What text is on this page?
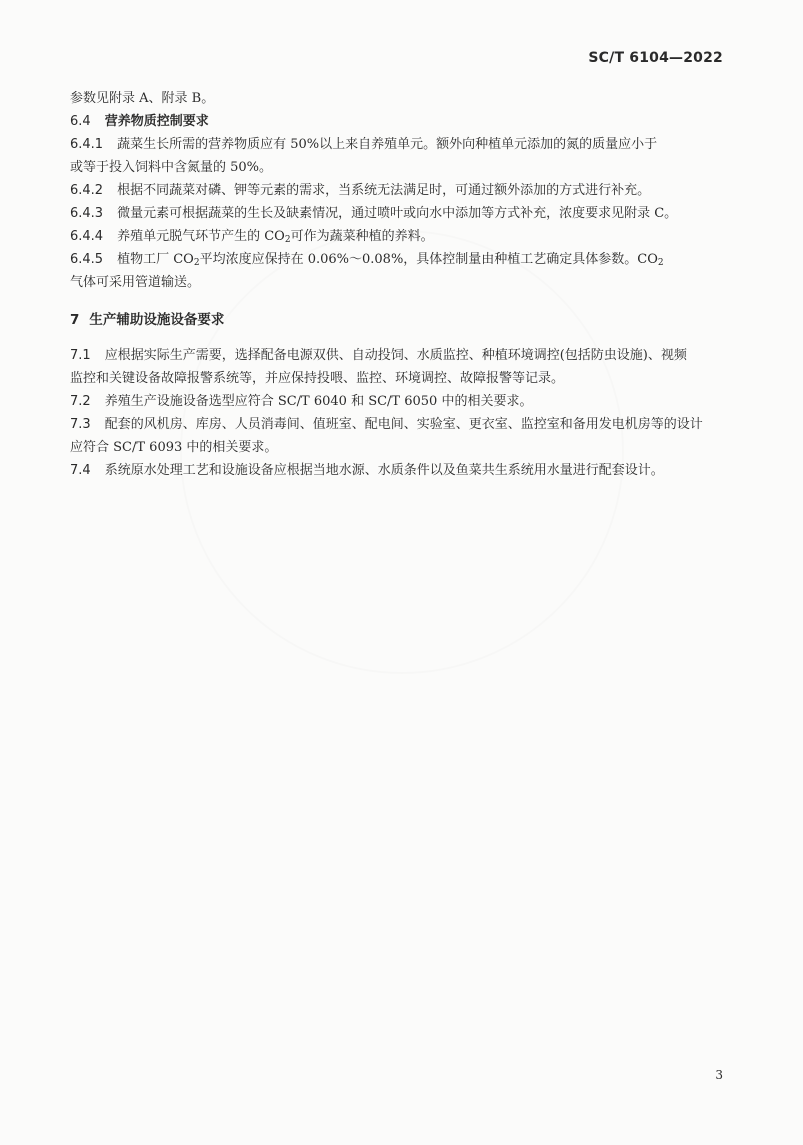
SC/T 6104—2022
参数见附录 A、附录 B。
6.4 营养物质控制要求
6.4.1 蔬菜生长所需的营养物质应有 50%以上来自养殖单元。额外向种植单元添加的氮的质量应小于
或等于投入饲料中含氮量的 50%。
6.4.2 根据不同蔬菜对磷、钾等元素的需求，当系统无法满足时，可通过额外添加的方式进行补充。
6.4.3 微量元素可根据蔬菜的生长及缺素情况，通过喷叶或向水中添加等方式补充，浓度要求见附录 C。
6.4.4 养殖单元脱气环节产生的 $CO_2$可作为蔬菜种植的养料。
6.4.5 植物工厂 $CO_2$平均浓度应保持在 0.06%～0.08%，具体控制量由种植工艺确定具体参数。$CO_2$
气体可采用管道输送。
7 生产辅助设施设备要求
7.1 应根据实际生产需要，选择配备电源双供、自动投饲、水质监控、种植环境调控(包括防虫设施)、视频
监控和关键设备故障报警系统等，并应保持投喂、监控、环境调控、故障报警等记录。
7.2 养殖生产设施设备选型应符合 SC/T 6040 和 SC/T 6050 中的相关要求。
7.3 配套的风机房、库房、人员消毒间、值班室、配电间、实验室、更衣室、监控室和备用发电机房等的设计
应符合 SC/T 6093 中的相关要求。
7.4 系统原水处理工艺和设施设备应根据当地水源、水质条件以及鱼菜共生系统用水量进行配套设计。
3
